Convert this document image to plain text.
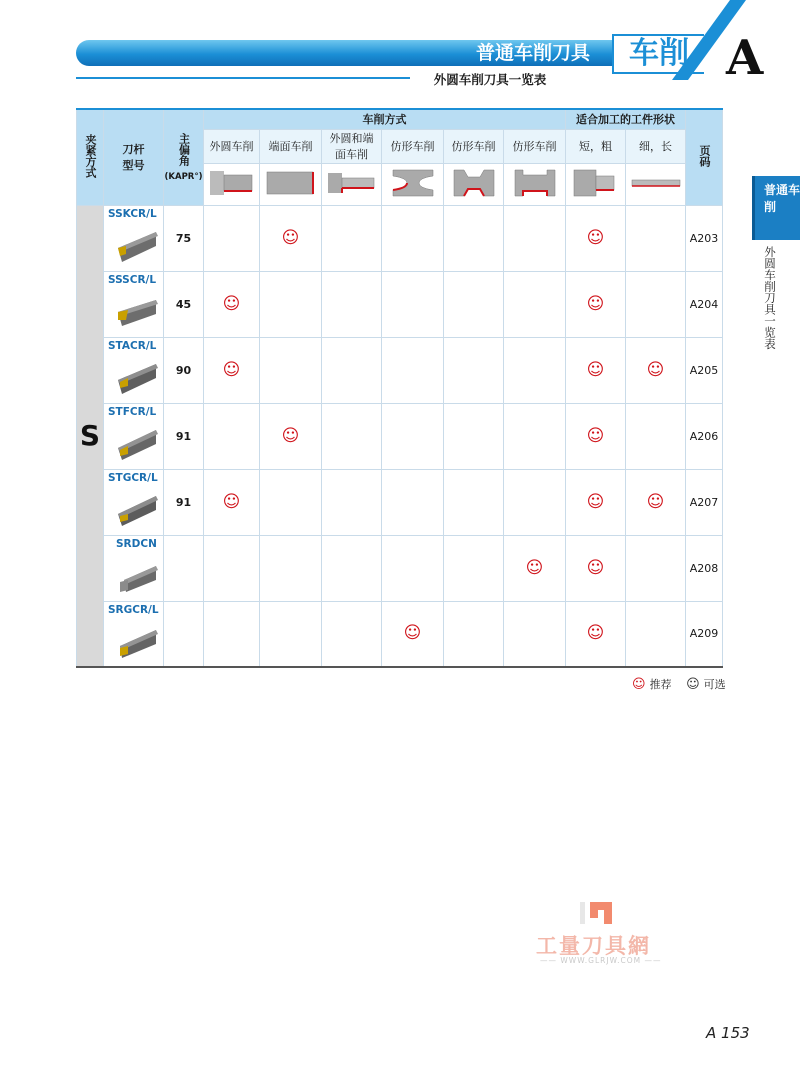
普通车削刀具
外圆车削刀具一览表
车削 A
普通车削
外圆车削刀具一览表
夹紧方式	刀杆型号	主偏角
(KAPR°)	车削方式						适合加工的工件形状		页码
			外圆车削	端面车削	外圆和端面车削	仿形车削	仿形车削	仿形车削	短，粗	细，长	

S	SSKCR/L	75		☺					☺		A203

	SSSCR/L	45	☺						☺		A204

	STACR/L	90	☺						☺	☺	A205

	STFCR/L	91		☺					☺		A206

	STGCR/L	91	☺						☺	☺	A207

	SRDCN							☺	☺		A208

	SRGCR/L					☺			☺		A209
☺ 推荐 ☺ 可选
工量刀具網
—— WWW.GLRJW.COM ——
A 153
